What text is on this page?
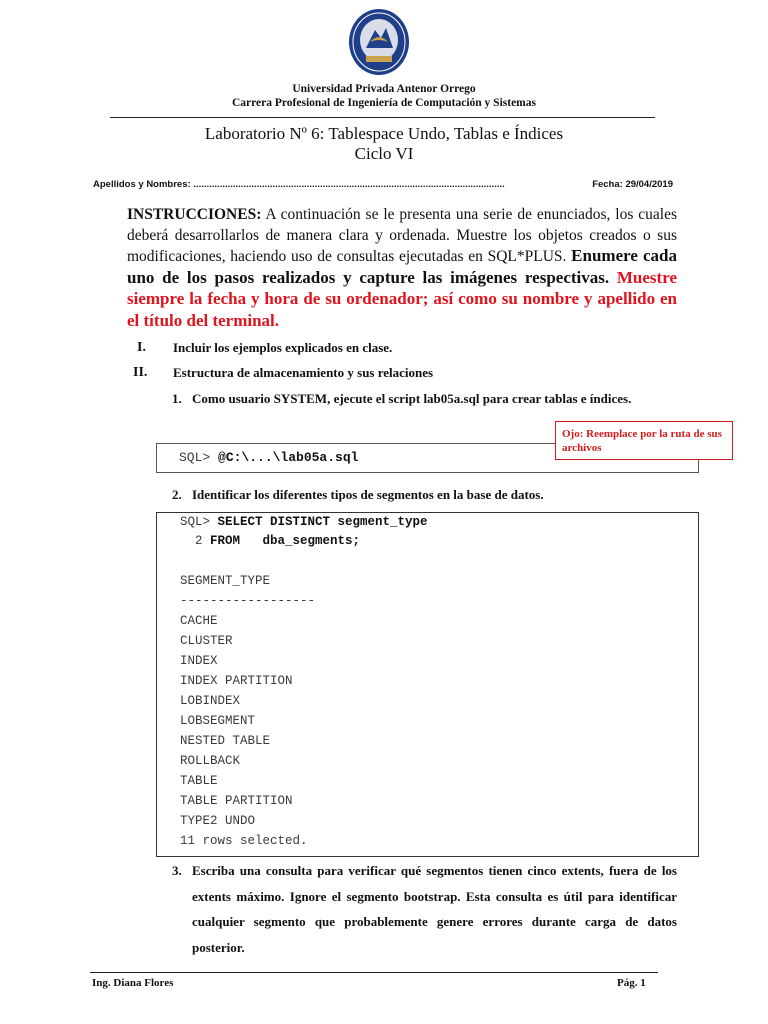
Universidad Privada Antenor Orrego
Carrera Profesional de Ingeniería de Computación y Sistemas
Laboratorio Nº 6: Tablespace Undo, Tablas e Índices
Ciclo VI
Apellidos y Nombres: ......................................................................................................................	Fecha: 29/04/2019
INSTRUCCIONES: A continuación se le presenta una serie de enunciados, los cuales deberá desarrollarlos de manera clara y ordenada. Muestre los objetos creados o sus modificaciones, haciendo uso de consultas ejecutadas en SQL*PLUS. Enumere cada uno de los pasos realizados y capture las imágenes respectivas. Muestre siempre la fecha y hora de su ordenador; así como su nombre y apellido en el título del terminal.
I. Incluir los ejemplos explicados en clase.
II. Estructura de almacenamiento y sus relaciones
1. Como usuario SYSTEM, ejecute el script lab05a.sql para crear tablas e índices.
SQL> @C:\...\lab05a.sql
Ojo: Reemplace por la ruta de sus archivos
2. Identificar los diferentes tipos de segmentos en la base de datos.
SQL> SELECT DISTINCT segment_type
2 FROM   dba_segments;
SEGMENT_TYPE
------------------
CACHE
CLUSTER
INDEX
INDEX PARTITION
LOBINDEX
LOBSEGMENT
NESTED TABLE
ROLLBACK
TABLE
TABLE PARTITION
TYPE2 UNDO
11 rows selected.
3. Escriba una consulta para verificar qué segmentos tienen cinco extents, fuera de los extents máximo. Ignore el segmento bootstrap. Esta consulta es útil para identificar cualquier segmento que probablemente genere errores durante carga de datos posterior.
Ing. Diana Flores	Pág. 1
